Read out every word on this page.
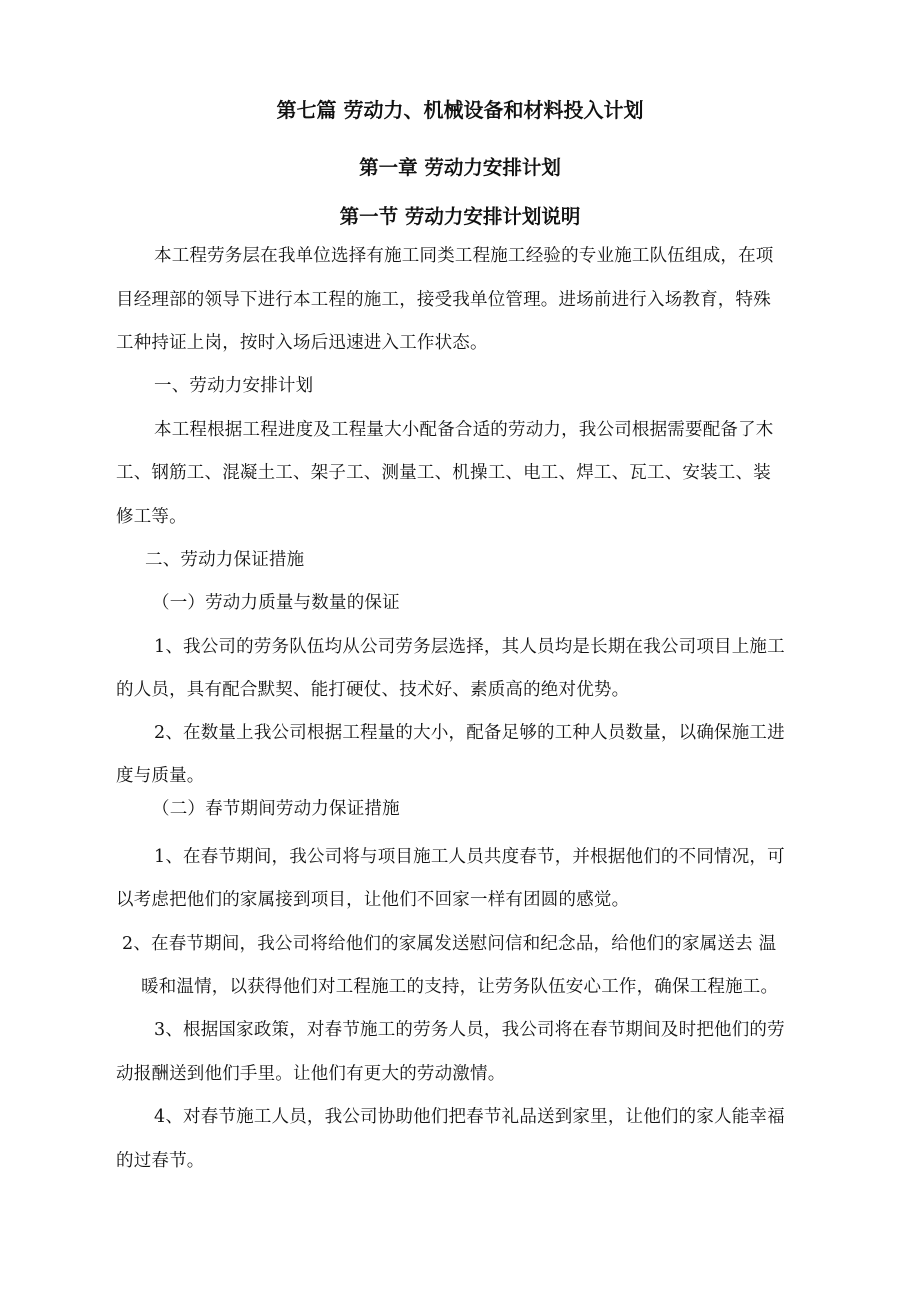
第七篇 劳动力、机械设备和材料投入计划
第一章 劳动力安排计划
第一节 劳动力安排计划说明
本工程劳务层在我单位选择有施工同类工程施工经验的专业施工队伍组成，在项
目经理部的领导下进行本工程的施工，接受我单位管理。进场前进行入场教育，特殊
工种持证上岗，按时入场后迅速进入工作状态。
一、劳动力安排计划
本工程根据工程进度及工程量大小配备合适的劳动力，我公司根据需要配备了木
工、钢筋工、混凝土工、架子工、测量工、机操工、电工、焊工、瓦工、安装工、装
修工等。
二、劳动力保证措施
（一）劳动力质量与数量的保证
1、我公司的劳务队伍均从公司劳务层选择，其人员均是长期在我公司项目上施工
的人员，具有配合默契、能打硬仗、技术好、素质高的绝对优势。
2、在数量上我公司根据工程量的大小，配备足够的工种人员数量，以确保施工进
度与质量。
（二）春节期间劳动力保证措施
1、在春节期间，我公司将与项目施工人员共度春节，并根据他们的不同情况，可
以考虑把他们的家属接到项目，让他们不回家一样有团圆的感觉。
2、在春节期间，我公司将给他们的家属发送慰问信和纪念品，给他们的家属送去 温
暖和温情，以获得他们对工程施工的支持，让劳务队伍安心工作，确保工程施工。
3、根据国家政策，对春节施工的劳务人员，我公司将在春节期间及时把他们的劳
动报酬送到他们手里。让他们有更大的劳动激情。
4、对春节施工人员，我公司协助他们把春节礼品送到家里，让他们的家人能幸福
的过春节。
